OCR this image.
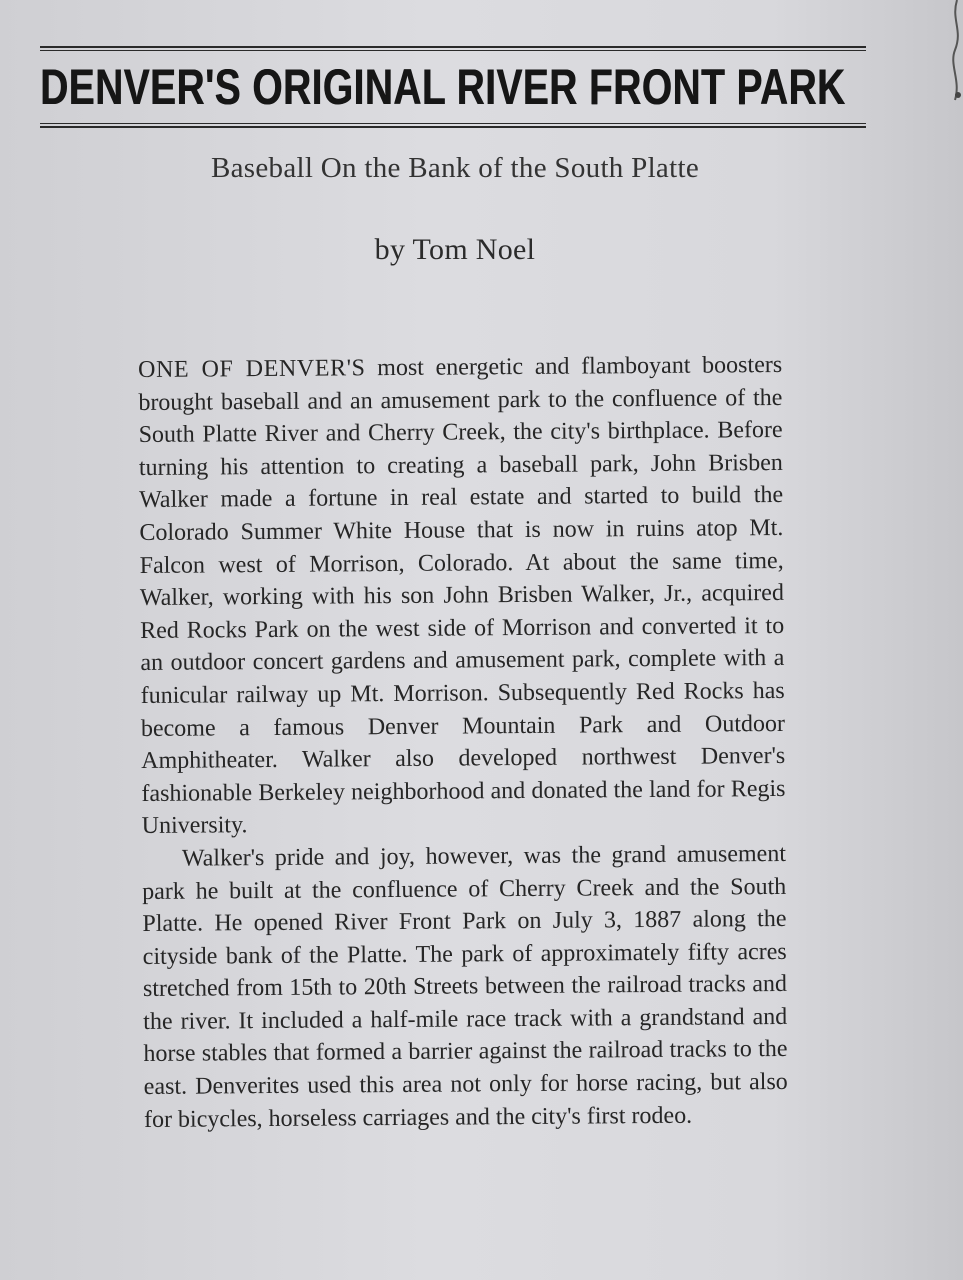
DENVER'S ORIGINAL RIVER FRONT PARK
Baseball On the Bank of the South Platte
by Tom Noel

ONE OF DENVER'S most energetic and flamboyant boosters brought baseball and an amusement park to the confluence of the South Platte River and Cherry Creek, the city's birthplace. Before turning his attention to creating a baseball park, John Brisben Walker made a fortune in real estate and started to build the Colorado Summer White House that is now in ruins atop Mt. Falcon west of Morrison, Colorado. At about the same time, Walker, working with his son John Brisben Walker, Jr., acquired Red Rocks Park on the west side of Morrison and converted it to an outdoor concert gardens and amusement park, complete with a funicular railway up Mt. Morrison. Subsequently Red Rocks has become a famous Denver Mountain Park and Outdoor Amphitheater. Walker also developed northwest Denver's fashionable Berkeley neighborhood and donated the land for Regis University.

Walker's pride and joy, however, was the grand amusement park he built at the confluence of Cherry Creek and the South Platte. He opened River Front Park on July 3, 1887 along the cityside bank of the Platte. The park of approximately fifty acres stretched from 15th to 20th Streets between the railroad tracks and the river. It included a half-mile race track with a grandstand and horse stables that formed a barrier against the railroad tracks to the east. Denverites used this area not only for horse racing, but also for bicycles, horseless carriages and the city's first rodeo.
